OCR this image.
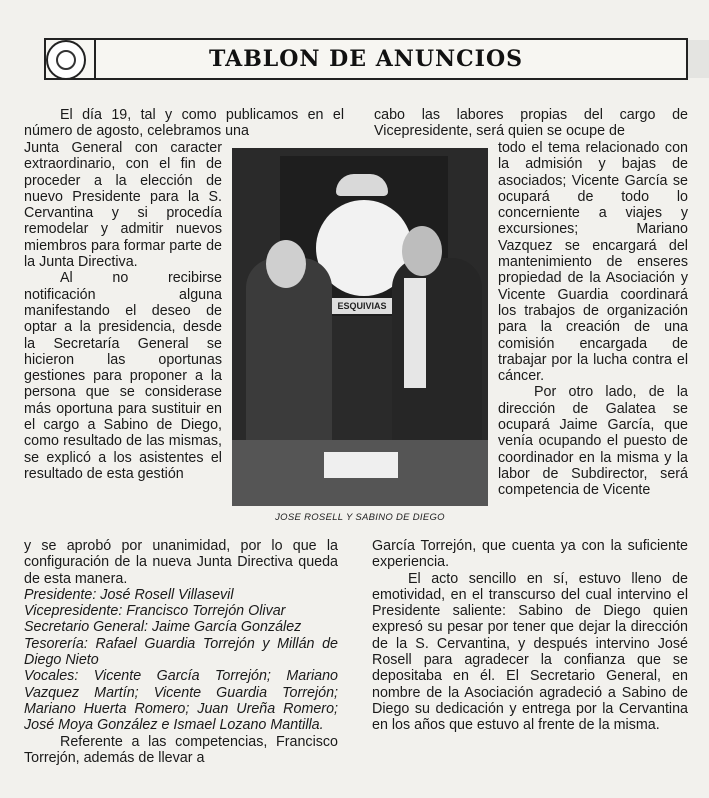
TABLON DE ANUNCIOS

El día 19, tal y como publicamos en el número de agosto, celebramos una

Junta General con caracter extraordinario, con el fin de proceder a la elección de nuevo Presidente para la S. Cervantina y si procedía remodelar y admitir nuevos miembros para formar parte de la Junta Directiva.

Al no recibirse notificación alguna manifestando el deseo de optar a la presidencia, desde la Secretaría General se hicieron las oportunas gestiones para proponer a la persona que se considerase más oportuna para sustituir en el cargo a Sabino de Diego, como resultado de las mismas, se explicó a los asistentes el resultado de esta gestión

cabo las labores propias del cargo de Vicepresidente, será quien se ocupe de

todo el tema relacionado con la admisión y bajas de asociados; Vicente García se ocupará de todo lo concerniente a viajes y excursiones; Mariano Vazquez se encargará del mantenimiento de enseres propiedad de la Asociación y Vicente Guardia coordinará los trabajos de organización para la creación de una comisión encargada de trabajar por la lucha contra el cáncer.

Por otro lado, de la dirección de Galatea se ocupará Jaime García, que venía ocupando el puesto de coordinador en la misma y la labor de Subdirector, será competencia de Vicente

ESQUIVIAS
JOSE ROSELL Y SABINO DE DIEGO

y se aprobó por unanimidad, por lo que la configuración de la nueva Junta Directiva queda de esta manera.

Presidente: José Rosell Villasevil

Vicepresidente: Francisco Torrejón Olivar

Secretario General: Jaime García González

Tesorería: Rafael Guardia Torrejón y Millán de Diego Nieto

Vocales: Vicente García Torrejón; Mariano Vazquez Martín; Vicente Guardia Torrejón; Mariano Huerta Romero; Juan Ureña Romero; José Moya González e Ismael Lozano Mantilla.

Referente a las competencias, Francisco Torrejón, además de llevar a

García Torrejón, que cuenta ya con la suficiente experiencia.

El acto sencillo en sí, estuvo lleno de emotividad, en el transcurso del cual intervino el Presidente saliente: Sabino de Diego quien expresó su pesar por tener que dejar la dirección de la S. Cervantina, y después intervino José Rosell para agradecer la confianza que se depositaba en él. El Secretario General, en nombre de la Asociación agradeció a Sabino de Diego su dedicación y entrega por la Cervantina en los años que estuvo al frente de la misma.
